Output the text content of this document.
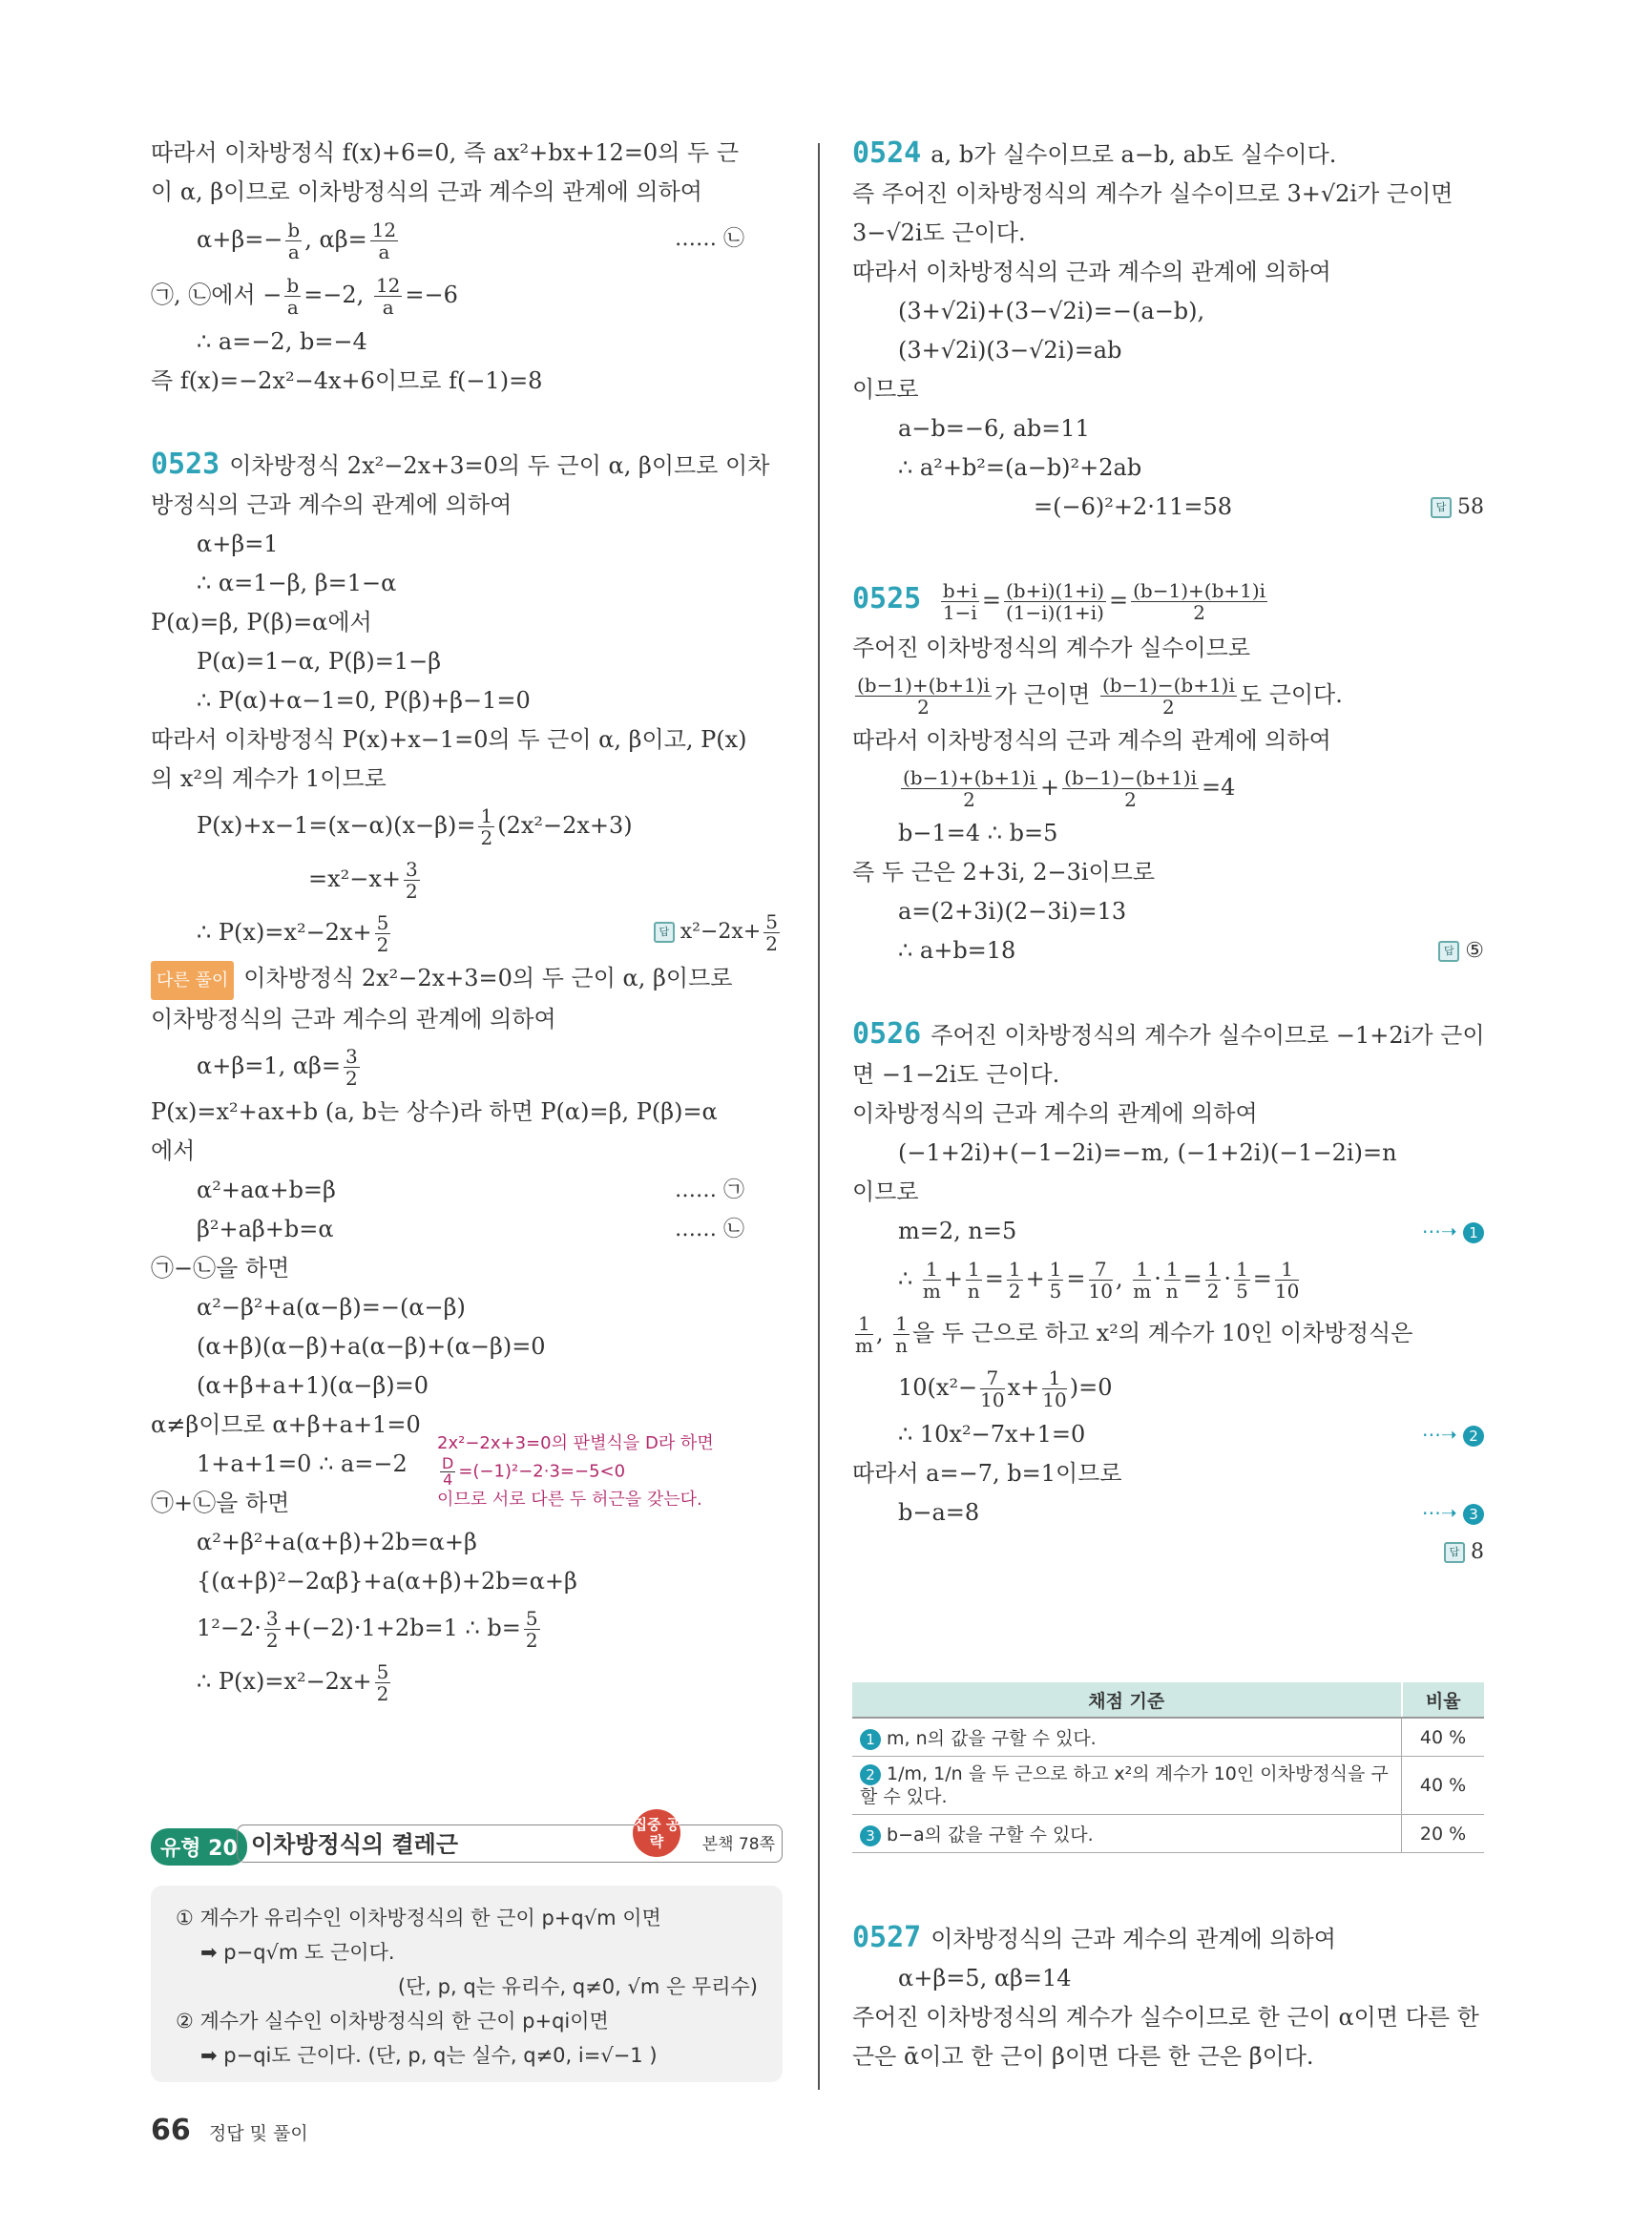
따라서 이차방정식 f(x)+6=0, 즉 ax²+bx+12=0의 두 근
이 α, β이므로 이차방정식의 근과 계수의 관계에 의하여
$\alpha+\beta=- \frac{b}{a}$ , $\alpha\beta= \frac{12}{a}$	…… ㉡
㉠, ㉡에서 − $\frac{b}{a} =-2$, $\frac{12}{a} =-6$
∴ a=−2, b=−4
즉 f(x)=−2x²−4x+6이므로 f(−1)=8
0523 이차방정식 2x²−2x+3=0의 두 근이 α, β이므로 이차
방정식의 근과 계수의 관계에 의하여
α+β=1
∴ α=1−β, β=1−α
P(α)=β, P(β)=α에서
P(α)=1−α, P(β)=1−β
∴ P(α)+α−1=0, P(β)+β−1=0
따라서 이차방정식 P(x)+x−1=0의 두 근이 α, β이고, P(x)
의 x²의 계수가 1이므로
$P(x)+x-1=(x-\alpha)(x-\beta)= \frac{1}{2} (2x^2-2x+3)$
$=x^2-x+ \frac{3}{2}$
∴ $P(x)=x^2-2x+ \frac{5}{2}$	답 $x^2-2x+ \frac{5}{2}$
다른 풀이 이차방정식 2x²−2x+3=0의 두 근이 α, β이므로
이차방정식의 근과 계수의 관계에 의하여
α+β=1, $\alpha\beta= \frac{3}{2}$
P(x)=x²+ax+b (a, b는 상수)라 하면 P(α)=β, P(β)=α
에서
α²+aα+b=β	…… ㉠
β²+aβ+b=α	…… ㉡
㉠−㉡을 하면
α²−β²+a(α−β)=−(α−β)
(α+β)(α−β)+a(α−β)+(α−β)=0
(α+β+a+1)(α−β)=0
α≠β이므로 α+β+a+1=0
1+a+1=0 ∴ a=−2
2x²−2x+3=0의 판별식을 D라 하면
$\frac{D}{4} =(-1)^2-2\cdot 3=-5<0$
이므로 서로 다른 두 허근을 갖는다.
㉠+㉡을 하면
α²+β²+a(α+β)+2b=α+β
{(α+β)²−2αβ}+a(α+β)+2b=α+β
$1^2-2\cdot \frac{3}{2} +(-2)\cdot 1+2b=1$ ∴ $b= \frac{5}{2}$
∴ $P(x)=x^2-2x+ \frac{5}{2}$
유형 20 이차방정식의 켤레근
집중 공략	본책 78쪽
① 계수가 유리수인 이차방정식의 한 근이 p+q√m 이면
➡ p−q√m 도 근이다.
(단, p, q는 유리수, q≠0, √m 은 무리수)
② 계수가 실수인 이차방정식의 한 근이 p+qi이면
➡ p−qi도 근이다. (단, p, q는 실수, q≠0, i=√−1 )
0524 a, b가 실수이므로 a−b, ab도 실수이다.
즉 주어진 이차방정식의 계수가 실수이므로 3+√2i가 근이면
3−√2i도 근이다.
따라서 이차방정식의 근과 계수의 관계에 의하여
(3+√2i)+(3−√2i)=−(a−b),
(3+√2i)(3−√2i)=ab
이므로
a−b=−6, ab=11
∴ a²+b²=(a−b)²+2ab
=(−6)²+2·11=58	답 58
$0525 \frac{b+i}{1-i} = \frac{(b+i)(1+i)}{(1-i)(1+i)} = \frac{(b-1)+(b+1)i}{2}$
주어진 이차방정식의 계수가 실수이므로
$\frac{(b-1)+(b+1)i}{2}$ 가 근이면 $\frac{(b-1)-(b+1)i}{2}$ 도 근이다.
따라서 이차방정식의 근과 계수의 관계에 의하여
$\frac{(b-1)+(b+1)i}{2} + \frac{(b-1)-(b+1)i}{2} =4$
b−1=4 ∴ b=5
즉 두 근은 2+3i, 2−3i이므로
a=(2+3i)(2−3i)=13
∴ a+b=18	답 ⑤
0526 주어진 이차방정식의 계수가 실수이므로 −1+2i가 근이
면 −1−2i도 근이다.
이차방정식의 근과 계수의 관계에 의하여
(−1+2i)+(−1−2i)=−m, (−1+2i)(−1−2i)=n
이므로
m=2, n=5	⋯➝ 1
∴ $\frac{1}{m} + \frac{1}{n} = \frac{1}{2} + \frac{1}{5} = \frac{7}{10}$ , $\frac{1}{m} \cdot \frac{1}{n} = \frac{1}{2} \cdot \frac{1}{5} = \frac{1}{10}$
$\frac{1}{m}$ , $\frac{1}{n}$ 을 두 근으로 하고 x²의 계수가 10인 이차방정식은
$10(x^2- \frac{7}{10} x+ \frac{1}{10} )=0$
∴ 10x²−7x+1=0	⋯➝ 2
따라서 a=−7, b=1이므로
b−a=8	⋯➝ 3

답 8
채점 기준	비율
1 m, n의 값을 구할 수 있다.	40 %
2 1/m, 1/n 을 두 근으로 하고 x²의 계수가 10인 이차방정식을 구할 수 있다.	40 %
3 b−a의 값을 구할 수 있다.	20 %
0527 이차방정식의 근과 계수의 관계에 의하여
α+β=5, αβ=14
주어진 이차방정식의 계수가 실수이므로 한 근이 α이면 다른 한
근은 ᾱ이고 한 근이 β이면 다른 한 근은 β̄이다.
66 정답 및 풀이
